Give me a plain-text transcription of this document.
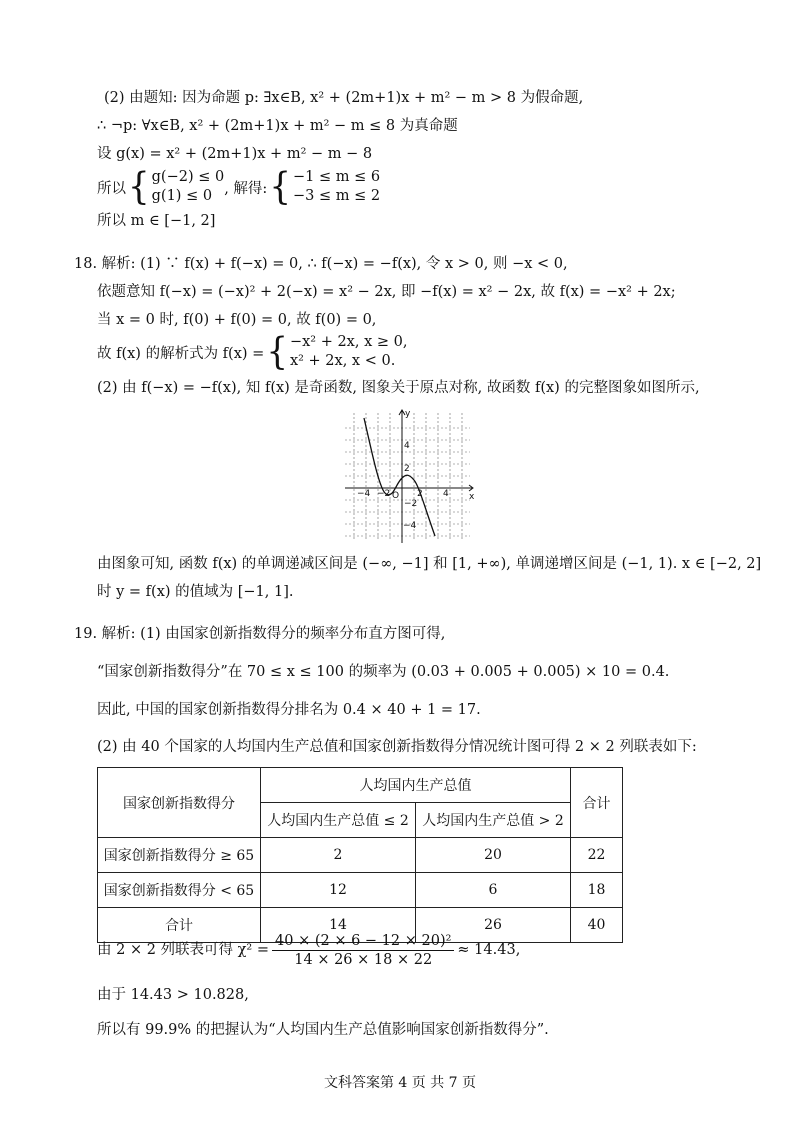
(2) 由题知: 因为命题 p: ∃x∈B, x² + (2m+1)x + m² − m > 8 为假命题,
∴ ¬p: ∀x∈B, x² + (2m+1)x + m² − m ≤ 8 为真命题
设 g(x) = x² + (2m+1)x + m² − m − 8
所以 { g(−2) ≤ 0
g(1) ≤ 0 , 解得: { −1 ≤ m ≤ 6
−3 ≤ m ≤ 2
所以 m ∈ [−1, 2]
18. 解析: (1) ∵ f(x) + f(−x) = 0, ∴ f(−x) = −f(x), 令 x > 0, 则 −x < 0,
依题意知 f(−x) = (−x)² + 2(−x) = x² − 2x, 即 −f(x) = x² − 2x, 故 f(x) = −x² + 2x;
当 x = 0 时, f(0) + f(0) = 0, 故 f(0) = 0,
故 f(x) 的解析式为 f(x) = { −x² + 2x, x ≥ 0,
x² + 2x, x < 0.
(2) 由 f(−x) = −f(x), 知 f(x) 是奇函数, 图象关于原点对称, 故函数 f(x) 的完整图象如图所示,
y
x
O
4
2
−2
−4
−4 −2	2 4
由图象可知, 函数 f(x) 的单调递减区间是 (−∞, −1] 和 [1, +∞), 单调递增区间是 (−1, 1). x ∈ [−2, 2]
时 y = f(x) 的值域为 [−1, 1].
19. 解析: (1) 由国家创新指数得分的频率分布直方图可得,
“国家创新指数得分”在 70 ≤ x ≤ 100 的频率为 (0.03 + 0.005 + 0.005) × 10 = 0.4.
因此, 中国的国家创新指数得分排名为 0.4 × 40 + 1 = 17.
(2) 由 40 个国家的人均国内生产总值和国家创新指数得分情况统计图可得 2 × 2 列联表如下:
国家创新指数得分	人均国内生产总值		合计
	人均国内生产总值 ≤ 2	人均国内生产总值 > 2	
国家创新指数得分 ≥ 65	2	20	22
国家创新指数得分 < 65	12	6	18
合计	14	26	40
由 2 × 2 列联表可得 $\chi^2 = \frac{\text{40 × (2 × 6 − 12 × 20)²}}{14 \times 26 \times 18 \times 22} \approx 14.43$,
由于 14.43 > 10.828,
所以有 99.9% 的把握认为“人均国内生产总值影响国家创新指数得分”.
文科答案第 4 页 共 7 页
